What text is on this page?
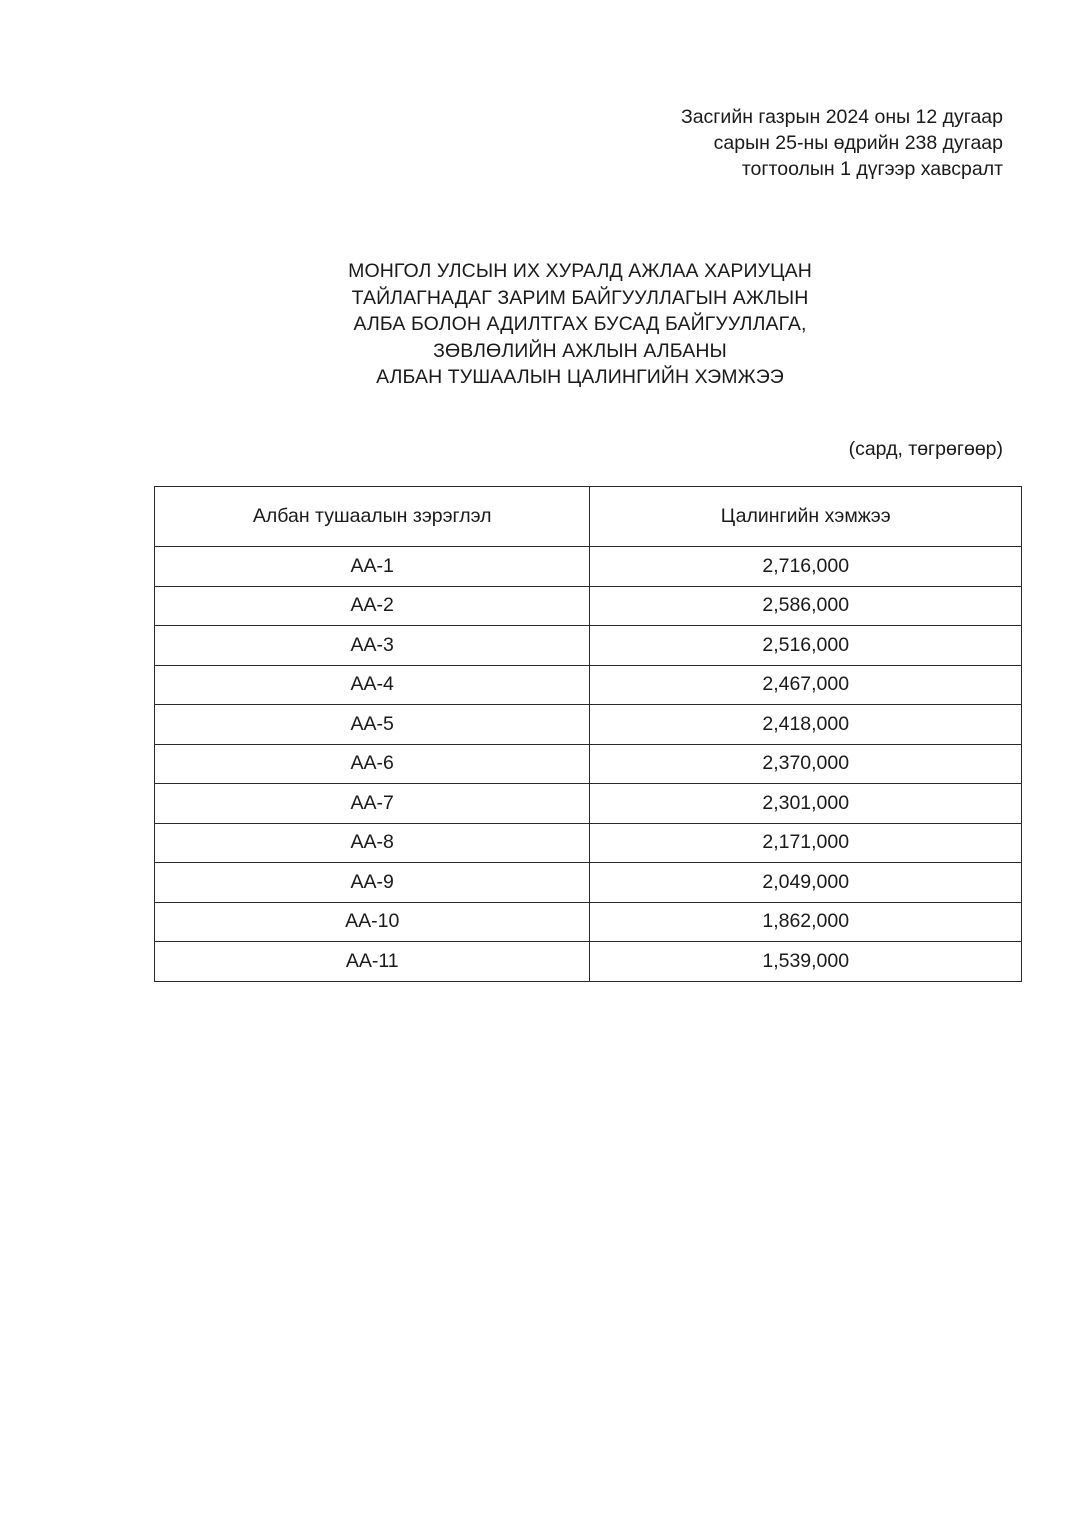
Засгийн газрын 2024 оны 12 дугаар
сарын 25-ны өдрийн 238 дугаар
тогтоолын 1 дүгээр хавсралт
МОНГОЛ УЛСЫН ИХ ХУРАЛД АЖЛАА ХАРИУЦАН
ТАЙЛАГНАДАГ ЗАРИМ БАЙГУУЛЛАГЫН АЖЛЫН
АЛБА БОЛОН АДИЛТГАХ БУСАД БАЙГУУЛЛАГА,
ЗӨВЛӨЛИЙН АЖЛЫН АЛБАНЫ
АЛБАН ТУШААЛЫН ЦАЛИНГИЙН ХЭМЖЭЭ
(сард, төгрөгөөр)
Албан тушаалын зэрэглэл	Цалингийн хэмжээ
АА-1	2,716,000
АА-2	2,586,000
АА-3	2,516,000
АА-4	2,467,000
АА-5	2,418,000
АА-6	2,370,000
АА-7	2,301,000
АА-8	2,171,000
АА-9	2,049,000
АА-10	1,862,000
АА-11	1,539,000
